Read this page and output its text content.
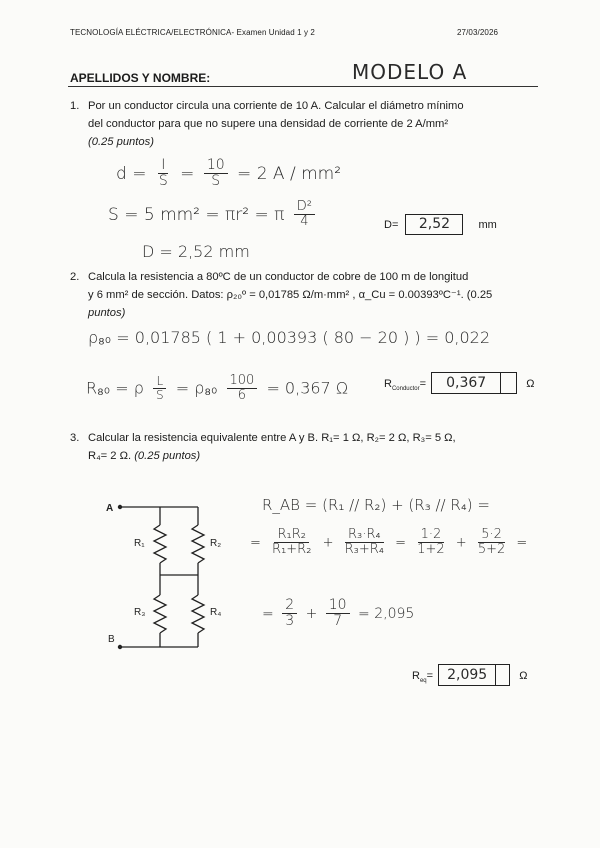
TECNOLOGÍA ELÉCTRICA/ELECTRÓNICA- Examen Unidad 1 y 2	27/03/2026
APELLIDOS Y NOMBRE:	MODELO A
1. Por un conductor circula una corriente de 10 A. Calcular el diámetro mínimo
del conductor para que no supere una densidad de corriente de 2 A/mm²
(0.25 puntos)
$d = \frac{I}{S} = \frac{10}{S} = 2$ A / mm²
S = 5 mm² = πr² = π $\frac{\text{D²}}{4}$
D = 2,52 mm
D= 2,52	mm
2. Calcula la resistencia a 80ºC de un conductor de cobre de 100 m de longitud
y 6 mm² de sección. Datos: ρ₂₀º = 0,01785 Ω/m·mm² , α_Cu = 0.00393ºC⁻¹. (0.25
puntos)
ρ₈₀ = 0,01785 ( 1 + 0,00393 ( 80 − 20 ) ) = 0,022
R₈₀ = ρ $\frac{L}{S} = \rho_{80} \frac{100}{6} = 0,367$ Ω	$R_{Conductor}= 0,367$	Ω
3. Calcular la resistencia equivalente entre A y B. R₁= 1 Ω, R₂= 2 Ω, R₃= 5 Ω,
R₄= 2 Ω. (0.25 puntos)
A
B
R₁	R₂
R₃	R₄
R_AB = (R₁ // R₂) + (R₃ // R₄) =
= $\frac{\text{R₁R₂}}{\text{R₁+R₂}} + \frac{\text{R₃·R₄}}{\text{R₃+R₄}} = \frac{1\cdot 2}{1+2} + \frac{5\cdot 2}{5+2}$ =
= $\frac{2}{3} + \frac{10}{7} = 2,095$
$R_{eq}= 2,095$	Ω
